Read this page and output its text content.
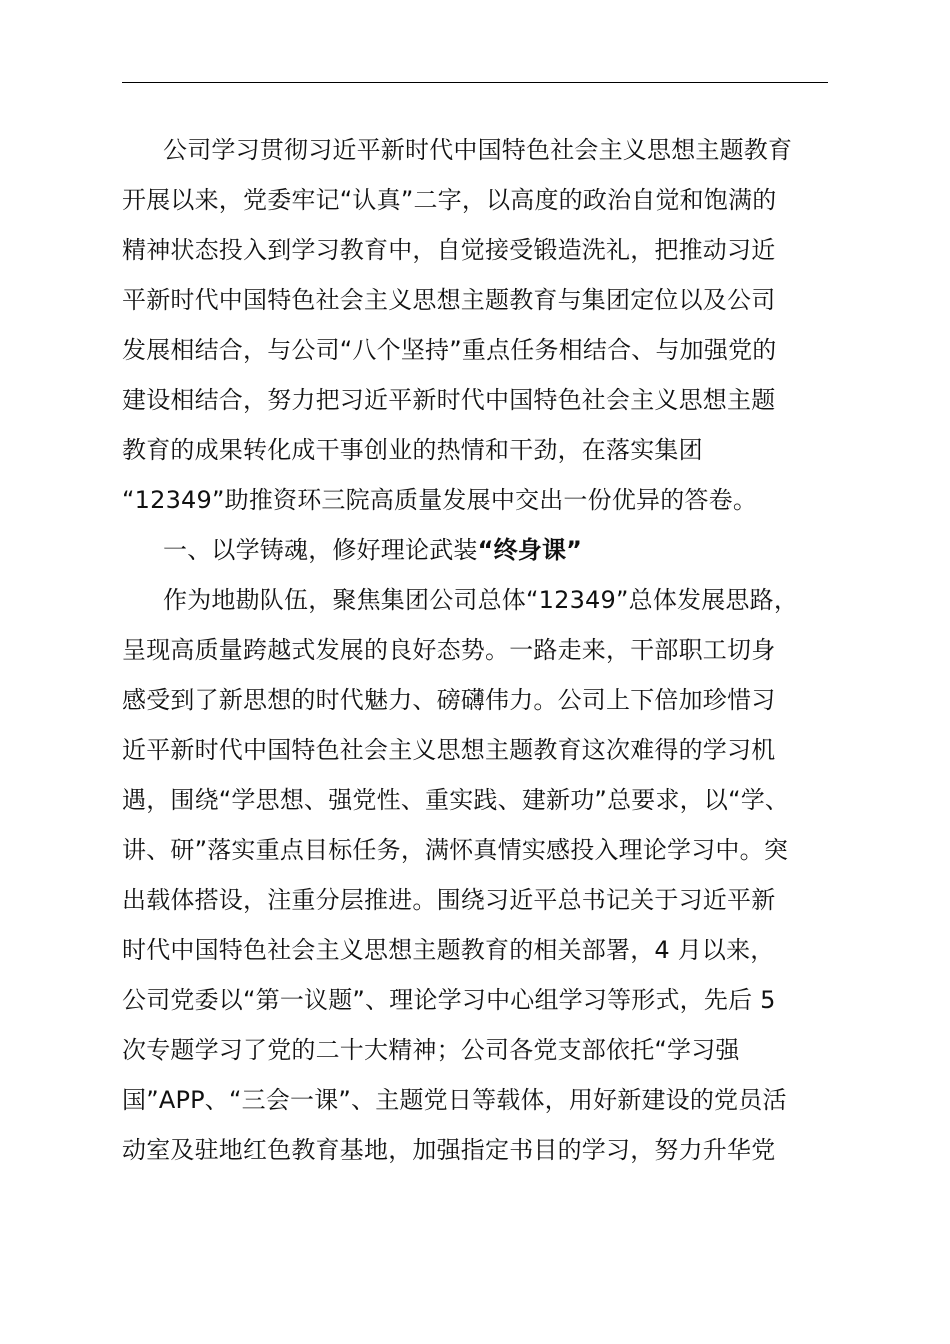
公司学习贯彻习近平新时代中国特色社会主义思想主题教育
开展以来，党委牢记“认真”二字，以高度的政治自觉和饱满的
精神状态投入到学习教育中，自觉接受锻造洗礼，把推动习近
平新时代中国特色社会主义思想主题教育与集团定位以及公司
发展相结合，与公司“八个坚持”重点任务相结合、与加强党的
建设相结合，努力把习近平新时代中国特色社会主义思想主题
教育的成果转化成干事创业的热情和干劲，在落实集团
“12349”助推资环三院高质量发展中交出一份优异的答卷。
一、以学铸魂，修好理论武装“终身课”
作为地勘队伍，聚焦集团公司总体“12349”总体发展思路，
呈现高质量跨越式发展的良好态势。一路走来，干部职工切身
感受到了新思想的时代魅力、磅礴伟力。公司上下倍加珍惜习
近平新时代中国特色社会主义思想主题教育这次难得的学习机
遇，围绕“学思想、强党性、重实践、建新功”总要求，以“学、
讲、研”落实重点目标任务，满怀真情实感投入理论学习中。突
出载体搭设，注重分层推进。围绕习近平总书记关于习近平新
时代中国特色社会主义思想主题教育的相关部署，4 月以来，
公司党委以“第一议题”、理论学习中心组学习等形式，先后 5
次专题学习了党的二十大精神；公司各党支部依托“学习强
国”APP、“三会一课”、主题党日等载体，用好新建设的党员活
动室及驻地红色教育基地，加强指定书目的学习，努力升华党
